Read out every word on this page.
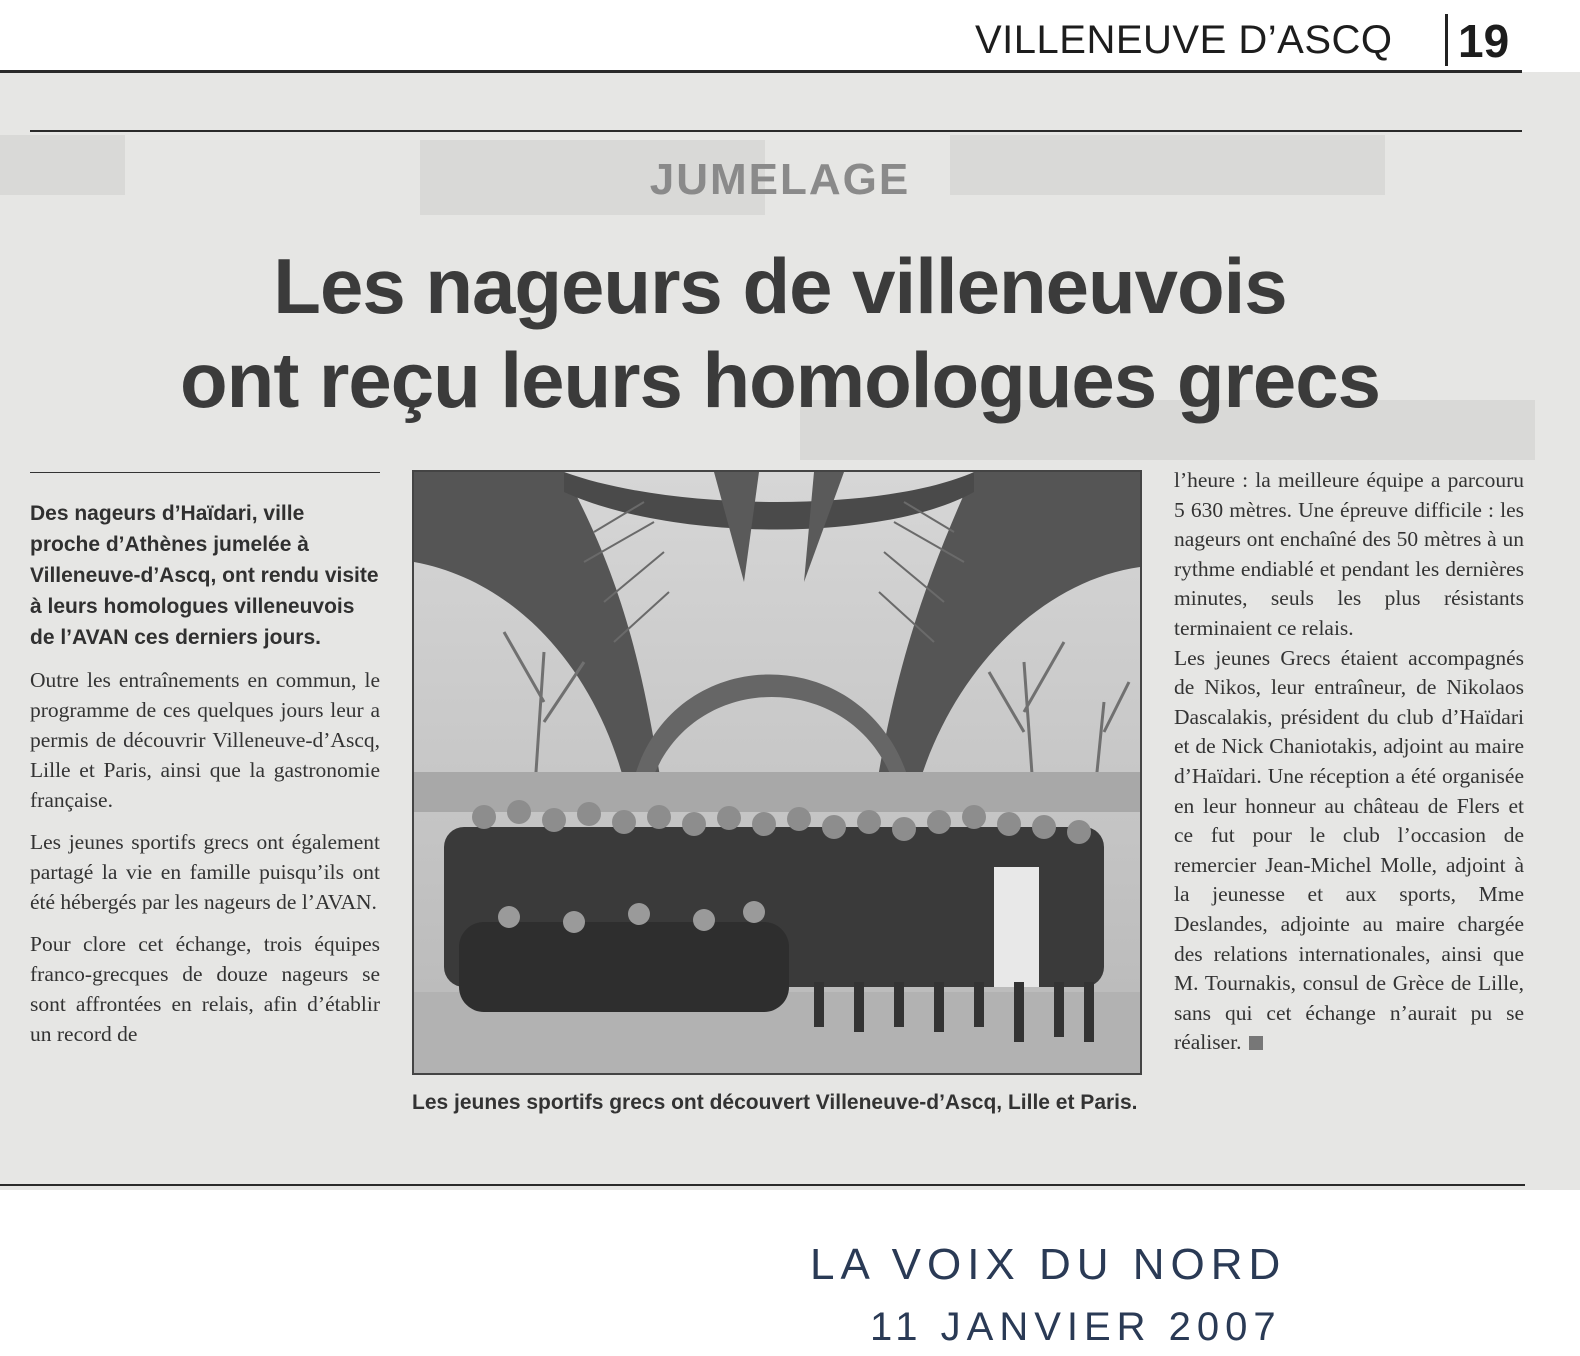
VILLENEUVE D’ASCQ 19
JUMELAGE
Les nageurs de villeneuvois
ont reçu leurs homologues grecs

Des nageurs d’Haïdari, ville proche d’Athènes jumelée à Villeneuve-d’Ascq, ont rendu visite à leurs homologues villeneuvois de l’AVAN ces derniers jours.

Outre les entraînements en commun, le programme de ces quelques jours leur a permis de découvrir Villeneuve-d’Ascq, Lille et Paris, ainsi que la gastronomie française.

Les jeunes sportifs grecs ont également partagé la vie en famille puisqu’ils ont été hébergés par les nageurs de l’AVAN.

Pour clore cet échange, trois équipes franco-grecques de douze nageurs se sont affrontées en relais, afin d’établir un record de

Les jeunes sportifs grecs ont découvert Villeneuve-d’Ascq, Lille et Paris.

l’heure : la meilleure équipe a parcouru 5 630 mètres. Une épreuve difficile : les nageurs ont enchaîné des 50 mètres à un rythme endiablé et pendant les dernières minutes, seuls les plus résistants terminaient ce relais.

Les jeunes Grecs étaient accompagnés de Nikos, leur entraîneur, de Nikolaos Dascalakis, président du club d’Haïdari et de Nick Chaniotakis, adjoint au maire d’Haïdari. Une réception a été organisée en leur honneur au château de Flers et ce fut pour le club l’occasion de remercier Jean-Michel Molle, adjoint à la jeunesse et aux sports, Mme Deslandes, adjointe au maire chargée des relations internationales, ainsi que M. Tournakis, consul de Grèce de Lille, sans qui cet échange n’aurait pu se réaliser.

LA VOIX DU NORD
11 JANVIER 2007
